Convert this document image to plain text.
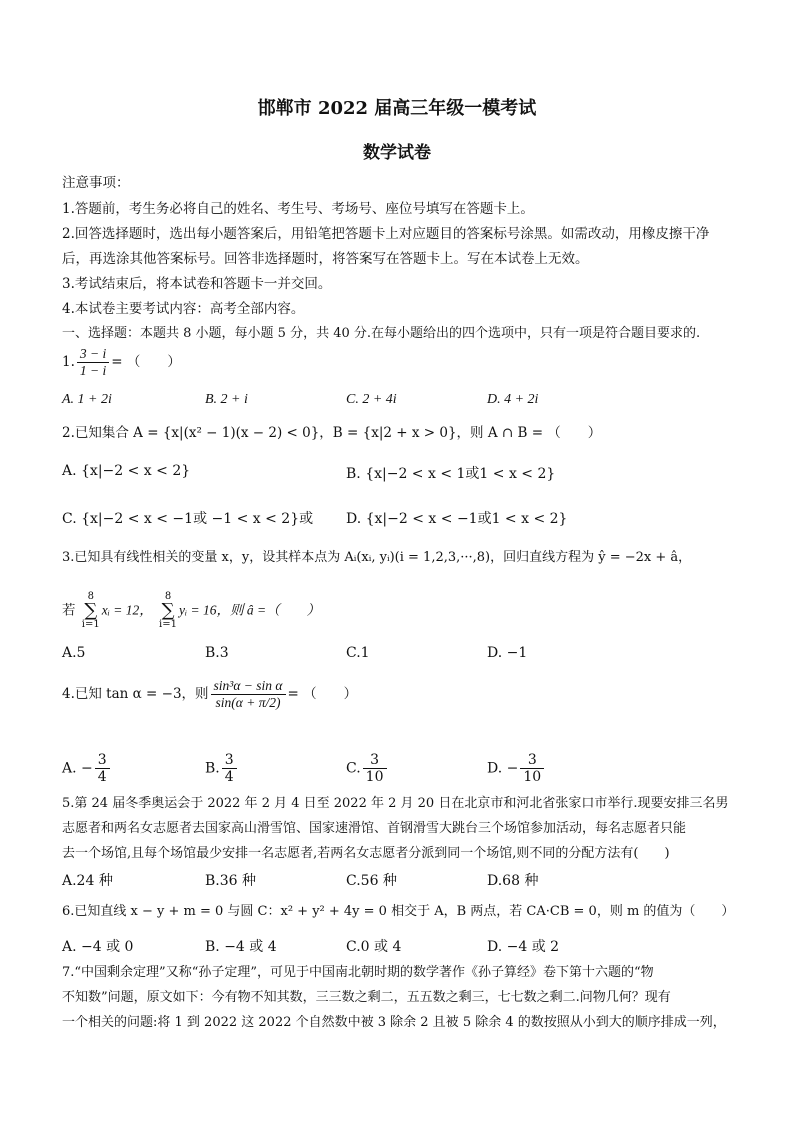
邯郸市 2022 届高三年级一模考试
数学试卷
注意事项：
1.答题前，考生务必将自己的姓名、考生号、考场号、座位号填写在答题卡上。
2.回答选择题时，选出每小题答案后，用铅笔把答题卡上对应题目的答案标号涂黑。如需改动，用橡皮擦干净
后，再选涂其他答案标号。回答非选择题时，将答案写在答题卡上。写在本试卷上无效。
3.考试结束后，将本试卷和答题卡一并交回。
4.本试卷主要考试内容：高考全部内容。
一、选择题：本题共 8 小题，每小题 5 分，共 40 分.在每小题给出的四个选项中，只有一项是符合题目要求的.
1. $\frac{3 - i}{1 - i}$ = （　　）
A. 1 + 2i	B. 2 + i	C. 2 + 4i	D. 4 + 2i
2.已知集合 A = {x|(x² − 1)(x − 2) < 0}，B = {x|2 + x > 0}，则 A ∩ B = （　　）
A. {x|−2 < x < 2}	B. {x|−2 < x < 1或1 < x < 2}
C. {x|−2 < x < −1或 −1 < x < 2}或 D. {x|−2 < x < −1或1 < x < 2}
3.已知具有线性相关的变量 x，y，设其样本点为 Aᵢ(xᵢ, yᵢ)(i = 1,2,3,···,8)，回归直线方程为 ŷ = −2x + â，
若 8
∑
i=1xᵢ = 12， 8
∑
i=1yᵢ = 16，则 â =（　　）
A.5	B.3	C.1	D. −1
4.已知 tan α = −3，则 $\frac{\text{sin³α − sin α}}{\sin(\alpha + \pi/2)}$ = （　　）
A. − $\frac{3}{4}$	B. $\frac{3}{4}$	C. $\frac{3}{10}$	D. − $\frac{3}{10}$
5.第 24 届冬季奥运会于 2022 年 2 月 4 日至 2022 年 2 月 20 日在北京市和河北省张家口市举行.现要安排三名男
志愿者和两名女志愿者去国家高山滑雪馆、国家速滑馆、首钢滑雪大跳台三个场馆参加活动，每名志愿者只能
去一个场馆,且每个场馆最少安排一名志愿者,若两名女志愿者分派到同一个场馆,则不同的分配方法有(　　)
A.24 种	B.36 种	C.56 种	D.68 种
6.已知直线 x − y + m = 0 与圆 C：x² + y² + 4y = 0 相交于 A，B 两点，若 CA·CB = 0，则 m 的值为（　　）
A. −4 或 0	B. −4 或 4	C.0 或 4	D. −4 或 2
7.“中国剩余定理”又称“孙子定理”，可见于中国南北朝时期的数学著作《孙子算经》卷下第十六题的“物
不知数”问题，原文如下：今有物不知其数，三三数之剩二，五五数之剩三，七七数之剩二.问物几何？现有
一个相关的问题:将 1 到 2022 这 2022 个自然数中被 3 除余 2 且被 5 除余 4 的数按照从小到大的顺序排成一列，
